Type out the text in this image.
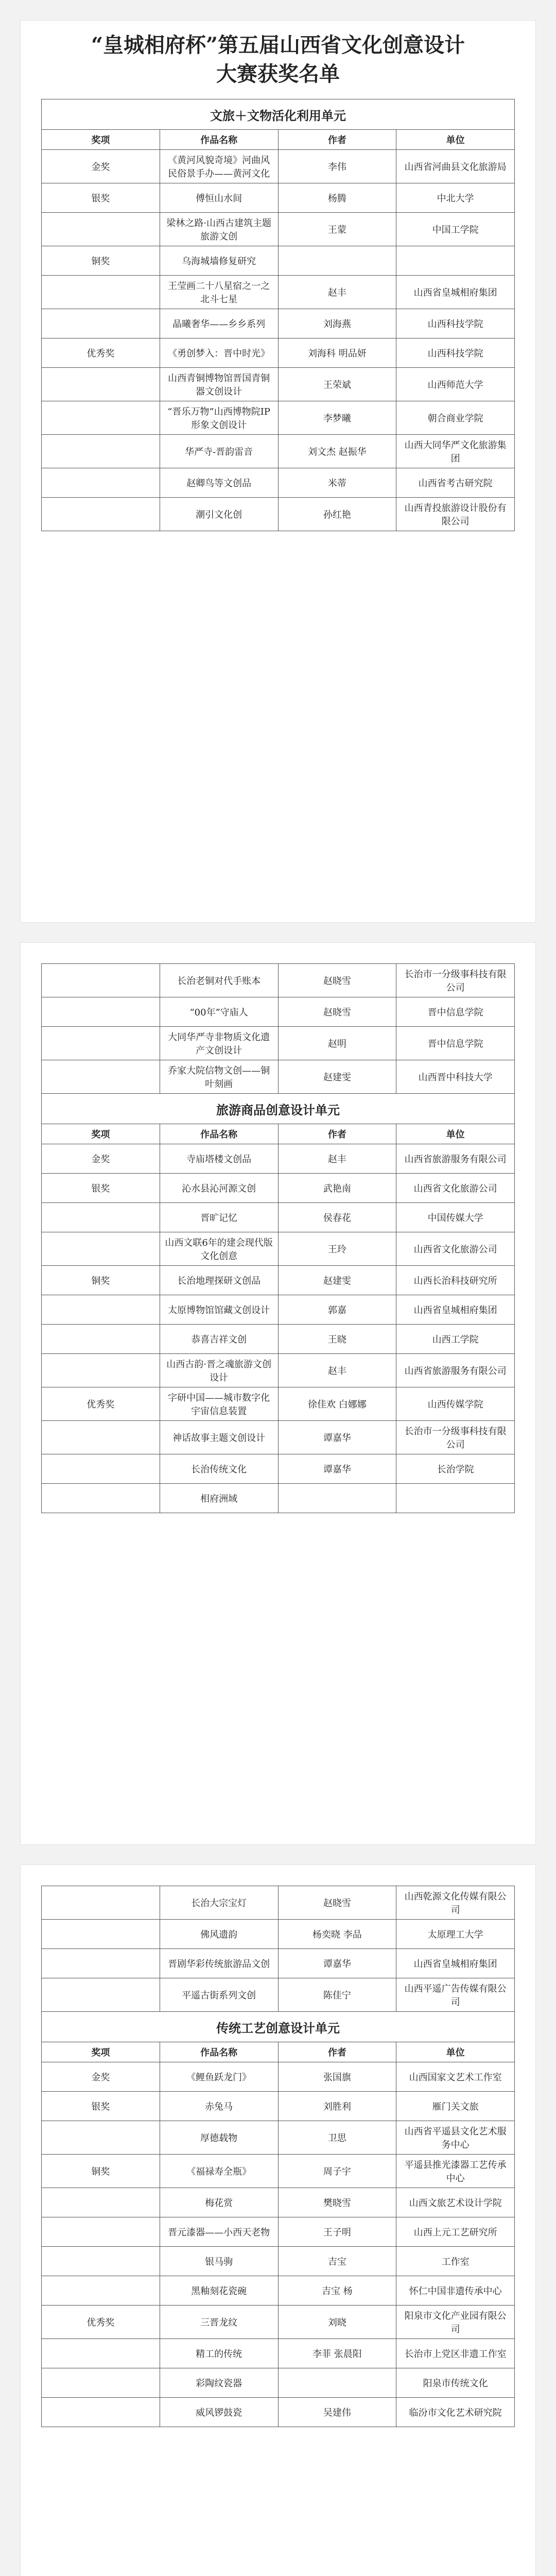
“皇城相府杯”第五届山西省文化创意设计

大赛获奖名单

文旅＋文物活化利用单元			
奖项	作品名称	作者	单位
金奖	《黄河风貌奇境》河曲风民俗景手办——黄河文化	李伟	山西省河曲县文化旅游局
银奖	傅恒山水间	杨腾	中北大学
	梁林之路·山西古建筑主题旅游文创	王蒙	中国工学院
铜奖	乌海城墙修复研究		
	王莹画二十八星宿之一之北斗七星	赵丰	山西省皇城相府集团
	晶曦奢华——乡乡系列	刘海燕	山西科技学院
优秀奖	《勇创梦入：晋中时光》	刘海科 明品妍	山西科技学院
	山西青铜博物馆晋国青铜器文创设计	王荣斌	山西师范大学
	“晋乐万物”山西博物院IP形象文创设计	李梦曦	朝合商业学院
	华严寺-晋韵雷音	刘文杰 赵振华	山西大同华严文化旅游集团
	赵卿鸟等文创品	米蒂	山西省考古研究院
	潮引文化创	孙红艳	山西青投旅游设计股份有限公司
	长治老铜对代手账本	赵晓雪	长治市一分级事科技有限公司
	“00年”守庙人	赵晓雪	晋中信息学院
	大同华严寺非物质文化遗产文创设计	赵明	晋中信息学院
	乔家大院信物文创——铜叶刻画	赵建雯	山西晋中科技大学
旅游商品创意设计单元			
奖项	作品名称	作者	单位
金奖	寺庙塔楼文创品	赵丰	山西省旅游服务有限公司
银奖	沁水县沁河源文创	武艳南	山西省文化旅游公司
	晋旷记忆	侯春花	中国传媒大学
	山西文联6年的建会现代版文化创意	王玲	山西省文化旅游公司
铜奖	长治地理探研文创品	赵建雯	山西长治科技研究所
	太原博物馆馆藏文创设计	郭嘉	山西省皇城相府集团
	恭喜吉祥文创	王晓	山西工学院
	山西古韵·晋之魂旅游文创设计	赵丰	山西省旅游服务有限公司
优秀奖	字研中国——城市数字化宇宙信息装置	徐佳欢 白娜娜	山西传媒学院
	神话故事主题文创设计	谭嘉华	长治市一分级事科技有限公司
	长治传统文化	谭嘉华	长治学院
	相府洲域		
	长治大宗宝灯	赵晓雪	山西乾源文化传媒有限公司
	佛风遗韵	杨奕晓 李品	太原理工大学
	晋剧华彩传统旅游品文创	谭嘉华	山西省皇城相府集团
	平遥古街系列文创	陈佳宁	山西平遥广告传媒有限公司
传统工艺创意设计单元			
奖项	作品名称	作者	单位
金奖	《鲤鱼跃龙门》	张国旗	山西国家文艺术工作室
银奖	赤兔马	刘胜利	雁门关文旅
	厚德载物	卫思	山西省平遥县文化艺术服务中心
铜奖	《福禄寿全瓶》	周子宇	平遥县推光漆器工艺传承中心
	梅花赏	樊晓雪	山西文旅艺术设计学院
	晋元漆器——小西天老物	王子明	山西上元工艺研究所
	银马驹	吉宝	工作室
	黑釉刻花瓷碗	吉宝 杨	怀仁中国非遗传承中心
优秀奖	三晋龙纹	刘晓	阳泉市文化产业园有限公司
	精工的传统	李菲 张晨阳	长治市上党区非遗工作室
	彩陶纹瓷器		阳泉市传统文化
	威风锣鼓瓷	吴建伟	临汾市文化艺术研究院
